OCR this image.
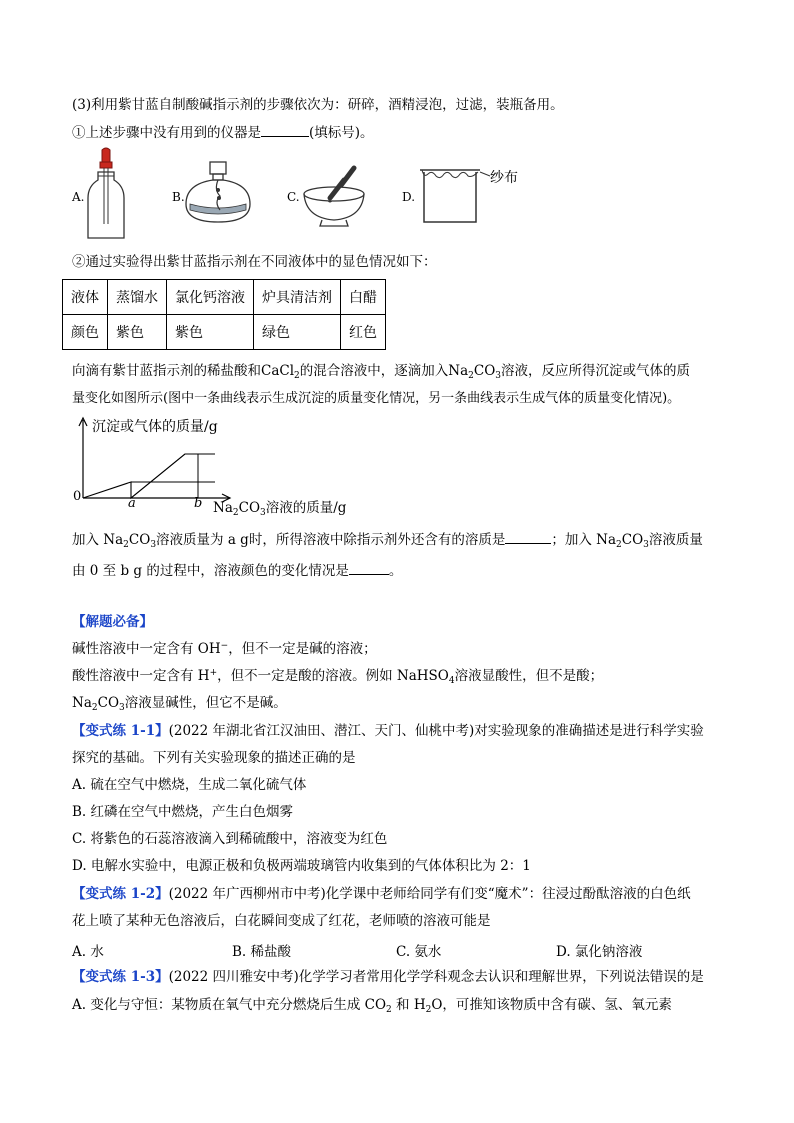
(3)利用紫甘蓝自制酸碱指示剂的步骤依次为：研碎，酒精浸泡，过滤，装瓶备用。
①上述步骤中没有用到的仪器是	(填标号)。
A.	B.	C.	D.
纱布
②通过实验得出紫甘蓝指示剂在不同液体中的显色情况如下：
液体	蒸馏水	氯化钙溶液	炉具清洁剂	白醋
颜色	紫色	紫色	绿色	红色
向滴有紫甘蓝指示剂的稀盐酸和CaCl$_2$的混合溶液中，逐滴加入$Na_2CO_3$溶液，反应所得沉淀或气体的质
量变化如图所示(图中一条曲线表示生成沉淀的质量变化情况，另一条曲线表示生成气体的质量变化情况)。
沉淀或气体的质量/g
0	a	b $Na_2CO_3$溶液的质量/g
加入 $Na_2CO_3$溶液质量为 a g时，所得溶液中除指示剂外还含有的溶质是	；加入 $Na_2CO_3$溶液质量
由 0 至 b g 的过程中，溶液颜色的变化情况是	。
【解题必备】
碱性溶液中一定含有 OH−，但不一定是碱的溶液；
酸性溶液中一定含有 H+，但不一定是酸的溶液。例如 NaHSO$_4$溶液显酸性，但不是酸；
$Na_2CO_3$溶液显碱性，但它不是碱。
【变式练 1-1】(2022 年湖北省江汉油田、潜江、天门、仙桃中考)对实验现象的准确描述是进行科学实验
探究的基础。下列有关实验现象的描述正确的是
A. 硫在空气中燃烧，生成二氧化硫气体
B. 红磷在空气中燃烧，产生白色烟雾
C. 将紫色的石蕊溶液滴入到稀硫酸中，溶液变为红色
D. 电解水实验中，电源正极和负极两端玻璃管内收集到的气体体积比为 2：1
【变式练 1-2】(2022 年广西柳州市中考)化学课中老师给同学有们变“魔术”：往浸过酚酞溶液的白色纸
花上喷了某种无色溶液后，白花瞬间变成了红花，老师喷的溶液可能是
A. 水	B. 稀盐酸	C. 氨水	D. 氯化钠溶液
【变式练 1-3】(2022 四川雅安中考)化学学习者常用化学学科观念去认识和理解世界，下列说法错误的是
A. 变化与守恒：某物质在氧气中充分燃烧后生成 $CO_2$ 和 $H_2O$，可推知该物质中含有碳、氢、氧元素
